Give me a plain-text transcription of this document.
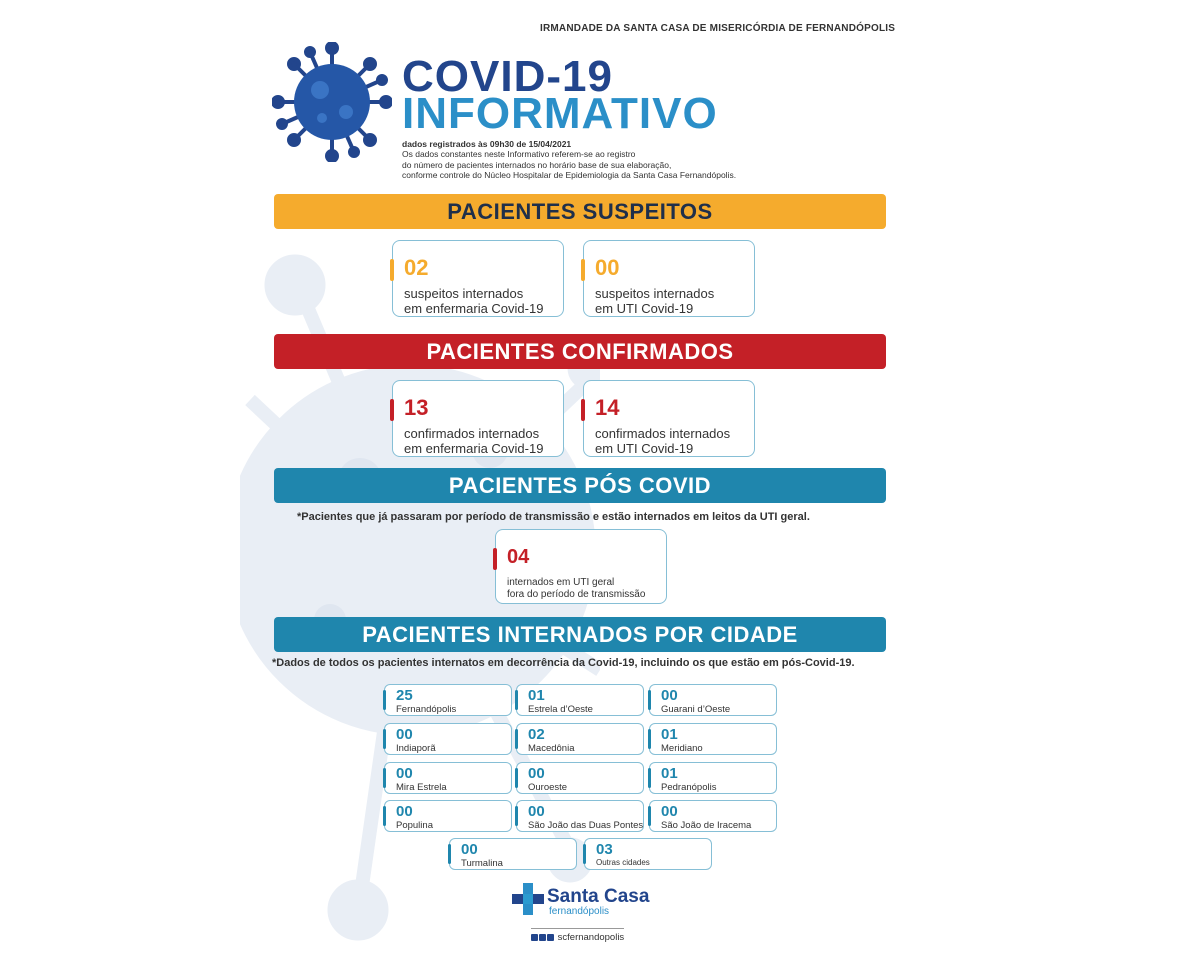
IRMANDADE DA SANTA CASA DE MISERICÓRDIA DE FERNANDÓPOLIS
COVID-19
INFORMATIVO
dados registrados às 09h30 de 15/04/2021
Os dados constantes neste Informativo referem-se ao registro
do número de pacientes internados no horário base de sua elaboração,
conforme controle do Núcleo Hospitalar de Epidemiologia da Santa Casa Fernandópolis.
PACIENTES SUSPEITOS
02
suspeitos internados
em enfermaria Covid-19
00
suspeitos internados
em UTI Covid-19
PACIENTES CONFIRMADOS
13
confirmados internados
em enfermaria Covid-19
14
confirmados internados
em UTI Covid-19
PACIENTES PÓS COVID
*Pacientes que já passaram por período de transmissão e estão internados em leitos da UTI geral.
04
internados em UTI geral
fora do período de transmissão
PACIENTES INTERNADOS POR CIDADE
*Dados de todos os pacientes internatos em decorrência da Covid-19, incluindo os que estão em pós-Covid-19.
25
Fernandópolis
01
Estrela d’Oeste
00
Guarani d’Oeste
00
Indiaporã
02
Macedônia
01
Meridiano
00
Mira Estrela
00
Ouroeste
01
Pedranópolis
00
Populina
00
São João das Duas Pontes
00
São João de Iracema
00
Turmalina
03
Outras cidades
Santa Casa
fernandópolis
scfernandopolis
